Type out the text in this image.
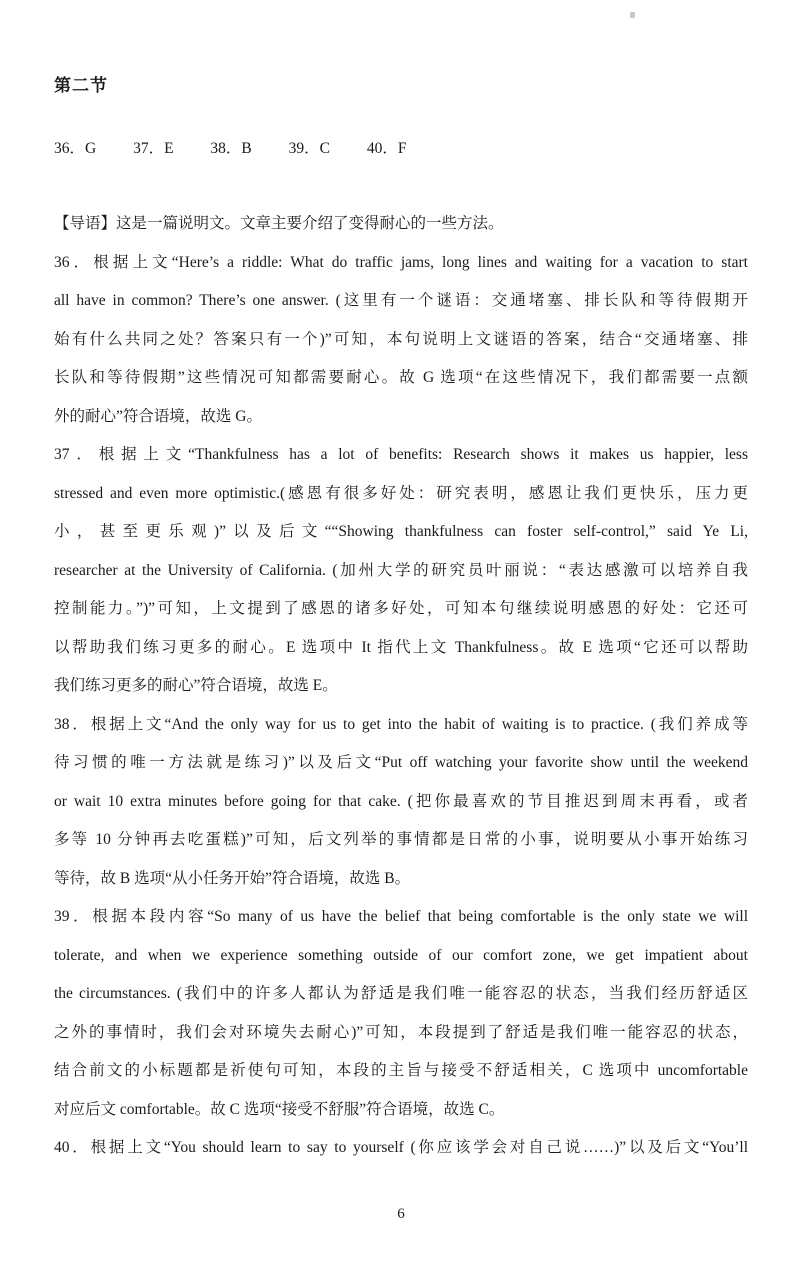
第二节
36．G 37．E 38．B 39．C 40．F

【导语】这是一篇说明文。文章主要介绍了变得耐心的一些方法。

36．根据上文“Here’s a riddle: What do traffic jams, long lines and waiting for a vacation to start
all have in common? There’s one answer. (这里有一个谜语：交通堵塞、排长队和等待假期开
始有什么共同之处？答案只有一个)”可知，本句说明上文谜语的答案，结合“交通堵塞、排
长队和等待假期”这些情况可知都需要耐心。故 G 选项“在这些情况下，我们都需要一点额
外的耐心”符合语境，故选 G。
37．根据上文“Thankfulness has a lot of benefits: Research shows it makes us happier, less
stressed and even more optimistic.(感恩有很多好处：研究表明，感恩让我们更快乐，压力更
小，甚至更乐观)”以及后文““Showing thankfulness can foster self-control,” said Ye Li,
researcher at the University of California. (加州大学的研究员叶丽说：“表达感激可以培养自我
控制能力。”)”可知，上文提到了感恩的诸多好处，可知本句继续说明感恩的好处：它还可
以帮助我们练习更多的耐心。E 选项中 It 指代上文 Thankfulness。故 E 选项“它还可以帮助
我们练习更多的耐心”符合语境，故选 E。
38．根据上文“And the only way for us to get into the habit of waiting is to practice. (我们养成等
待习惯的唯一方法就是练习)”以及后文“Put off watching your favorite show until the weekend
or wait 10 extra minutes before going for that cake. (把你最喜欢的节目推迟到周末再看，或者
多等 10 分钟再去吃蛋糕)”可知，后文列举的事情都是日常的小事，说明要从小事开始练习
等待，故 B 选项“从小任务开始”符合语境，故选 B。
39．根据本段内容“So many of us have the belief that being comfortable is the only state we will
tolerate, and when we experience something outside of our comfort zone, we get impatient about
the circumstances. (我们中的许多人都认为舒适是我们唯一能容忍的状态，当我们经历舒适区
之外的事情时，我们会对环境失去耐心)”可知，本段提到了舒适是我们唯一能容忍的状态，
结合前文的小标题都是祈使句可知，本段的主旨与接受不舒适相关，C 选项中 uncomfortable
对应后文 comfortable。故 C 选项“接受不舒服”符合语境，故选 C。
40．根据上文“You should learn to say to yourself (你应该学会对自己说……)”以及后文“You’ll
6
